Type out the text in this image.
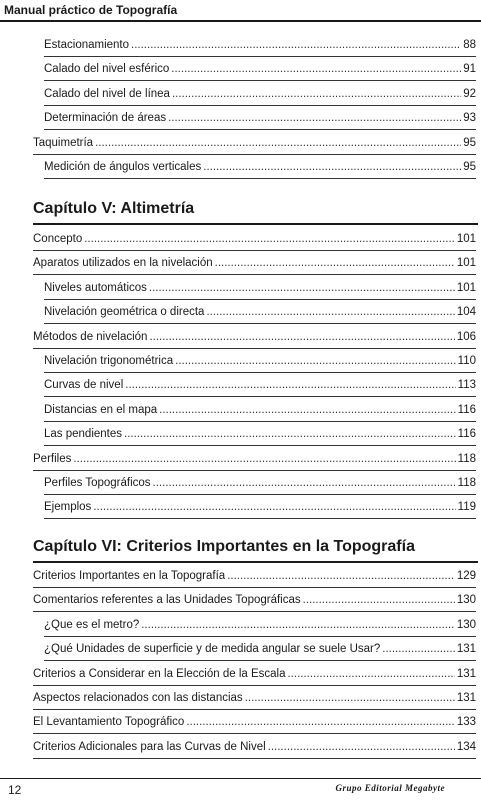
Manual práctico de Topografía
Estacionamiento .....	88
Calado del nivel esférico .....	91
Calado del nivel de línea .....	92
Determinación de áreas .....	93
Taquimetría .....	95
Medición de ángulos verticales .....	95
Capítulo V: Altimetría
Concepto .....	101
Aparatos utilizados en la nivelación .....	101
Niveles automáticos .....	101
Nivelación geométrica o directa .....	104
Métodos de nivelación .....	106
Nivelación trigonométrica .....	110
Curvas de nivel .....	113
Distancias en el mapa .....	116
Las pendientes .....	116
Perfiles .....	118
Perfiles Topográficos .....	118
Ejemplos .....	119
Capítulo VI: Criterios Importantes en la Topografía
Criterios Importantes en la Topografía .....	129
Comentarios referentes a las Unidades Topográficas .....	130
¿Que es el metro? .....	130
¿Qué Unidades de superficie y de medida angular se suele Usar? .....	131
Criterios a Considerar en la Elección de la Escala .....	131
Aspectos relacionados con las distancias .....	131
El Levantamiento Topográfico .....	133
Criterios Adicionales para las Curvas de Nivel .....	134
12	Grupo Editorial Megabyte
